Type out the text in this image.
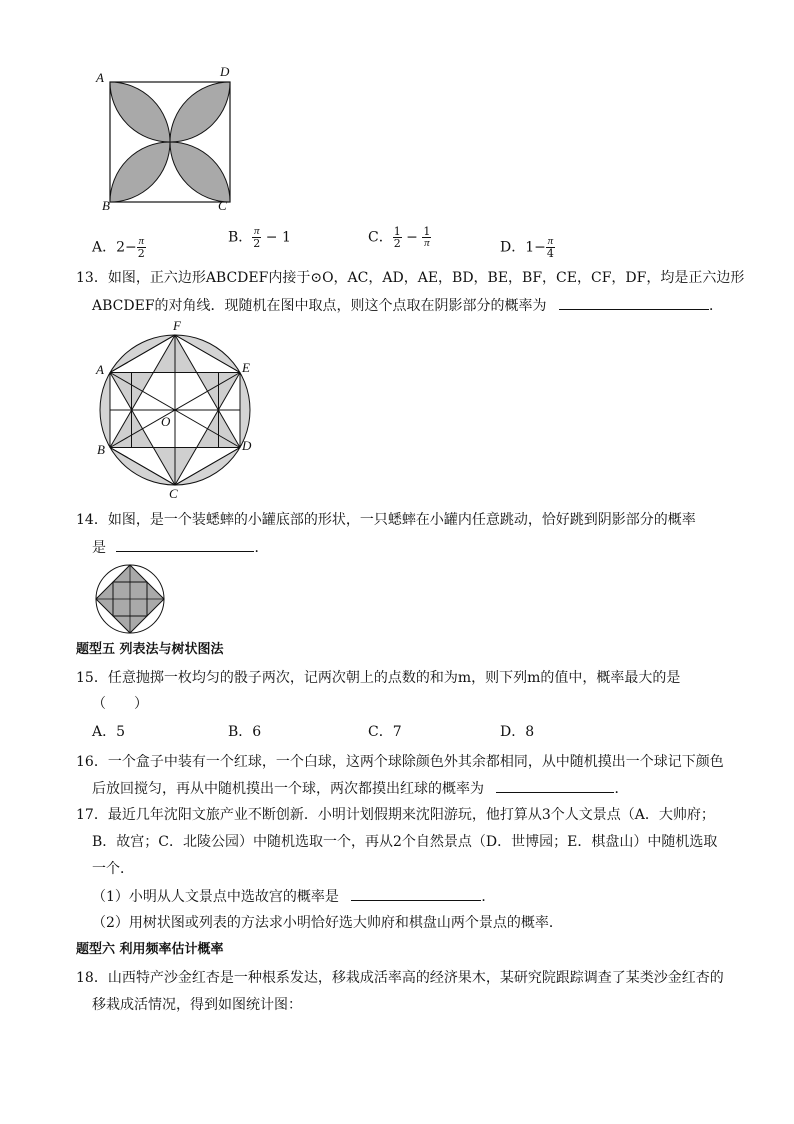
A	D
B	C
A．$2- \frac{\pi}{2}$	B． $\frac{\pi}{2} - 1$	C． $\frac{1}{2} - \frac{1}{\pi}$	D．$1- \frac{\pi}{4}$
13．如图，正六边形ABCDEF内接于⊙O，AC，AD，AE，BD，BE，BF，CE，CF，DF，均是正六边形
ABCDEF的对角线．现随机在图中取点，则这个点取在阴影部分的概率为	．
F
A	E
O
B	D
C
14．如图，是一个装蟋蟀的小罐底部的形状，一只蟋蟀在小罐内任意跳动，恰好跳到阴影部分的概率
是	．
题型五 列表法与树状图法
15．任意抛掷一枚均匀的骰子两次，记两次朝上的点数的和为m，则下列m的值中，概率最大的是
（　　）
A．5	B．6	C．7	D．8
16．一个盒子中装有一个红球，一个白球，这两个球除颜色外其余都相同，从中随机摸出一个球记下颜色
后放回搅匀，再从中随机摸出一个球，两次都摸出红球的概率为	．
17．最近几年沈阳文旅产业不断创新．小明计划假期来沈阳游玩，他打算从3个人文景点（A．大帅府；
B．故宫；C．北陵公园）中随机选取一个，再从2个自然景点（D．世博园；E．棋盘山）中随机选取
一个．
（1）小明从人文景点中选故宫的概率是	．
（2）用树状图或列表的方法求小明恰好选大帅府和棋盘山两个景点的概率．
题型六 利用频率估计概率
18．山西特产沙金红杏是一种根系发达，移栽成活率高的经济果木，某研究院跟踪调查了某类沙金红杏的
移栽成活情况，得到如图统计图：
